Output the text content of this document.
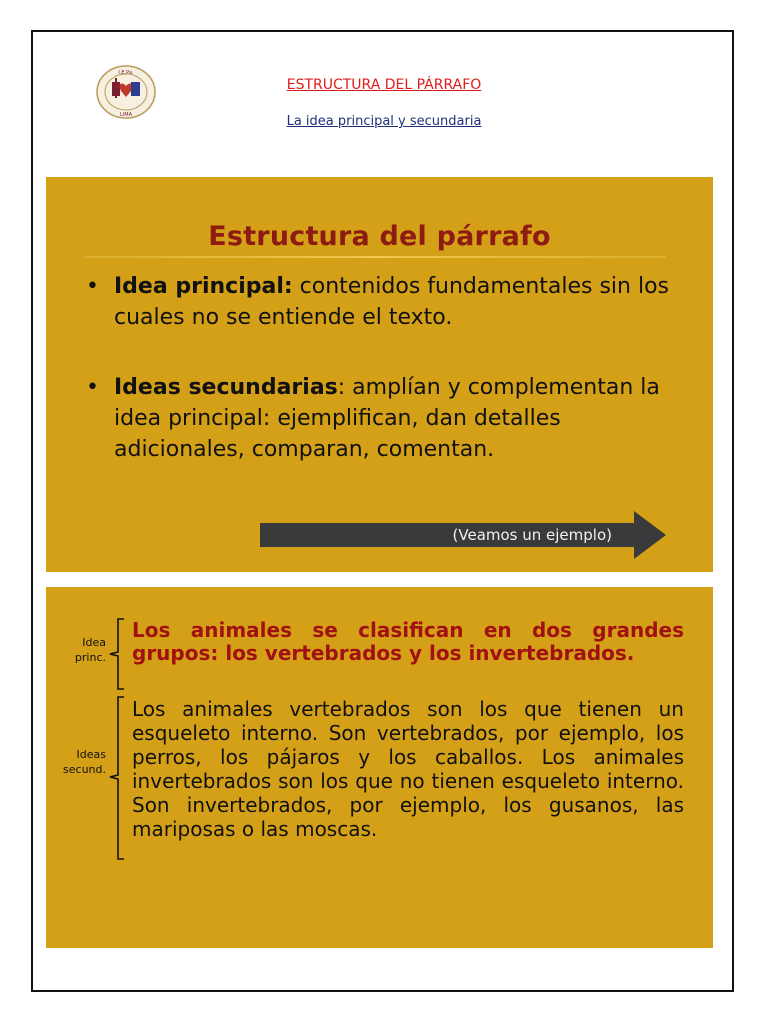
I.E.Pa.
LIMA
ESTRUCTURA DEL PÁRRAFO
La idea principal y secundaria
Estructura del párrafo
• Idea principal: contenidos fundamentales sin los cuales no se entiende el texto.
• Ideas secundarias: amplían y complementan la idea principal: ejemplifican, dan detalles adicionales, comparan, comentan.
(Veamos un ejemplo)
Idea princ.
Ideas secund.
Los animales se clasifican en dos grandes grupos: los vertebrados y los invertebrados.
Los animales vertebrados son los que tienen un esqueleto interno. Son vertebrados, por ejemplo, los perros, los pájaros y los caballos. Los animales invertebrados son los que no tienen esqueleto interno. Son invertebrados, por ejemplo, los gusanos, las mariposas o las moscas.
